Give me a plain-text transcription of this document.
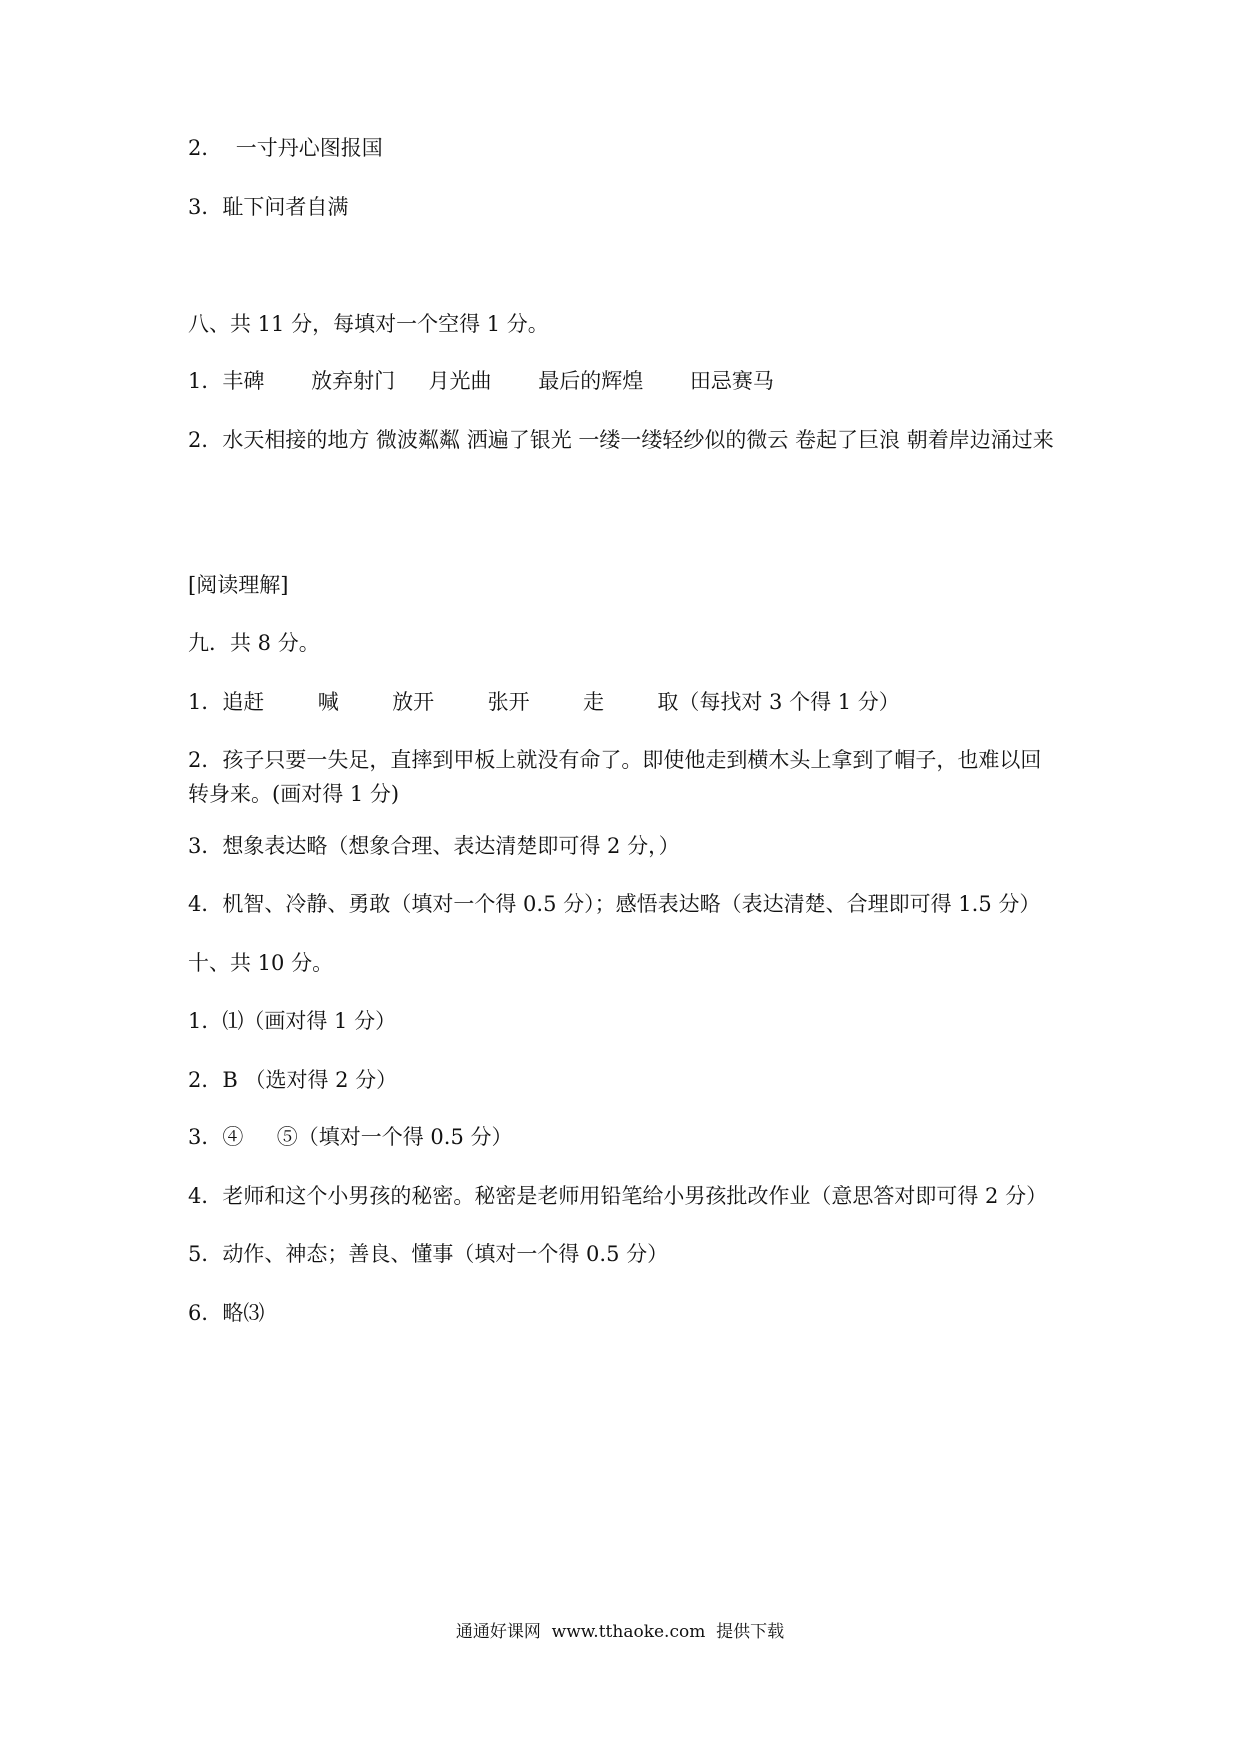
2．  一寸丹心图报国

3．耻下问者自满

八、共 11 分，每填对一个空得 1 分。

1．丰碑       放弃射门     月光曲       最后的辉煌       田忌赛马

2．水天相接的地方 微波粼粼 洒遍了银光 一缕一缕轻纱似的微云 卷起了巨浪 朝着岸边涌过来

[阅读理解]

九．共 8 分。

1．追赶        喊        放开        张开        走        取（每找对 3 个得 1 分）

2．孩子只要一失足，直摔到甲板上就没有命了。即使他走到横木头上拿到了帽子，也难以回转身来。(画对得 1 分)

3．想象表达略（想象合理、表达清楚即可得 2 分，）

4．机智、冷静、勇敢（填对一个得 0.5 分）；感悟表达略（表达清楚、合理即可得 1.5 分）

十、共 10 分。

1．⑴（画对得 1 分）

2．B （选对得 2 分）

3．④     ⑤（填对一个得 0.5 分）

4．老师和这个小男孩的秘密。秘密是老师用铅笔给小男孩批改作业（意思答对即可得 2 分）

5．动作、神态；善良、懂事（填对一个得 0.5 分）

6．略⑶

通通好课网  www.tthaoke.com  提供下载
